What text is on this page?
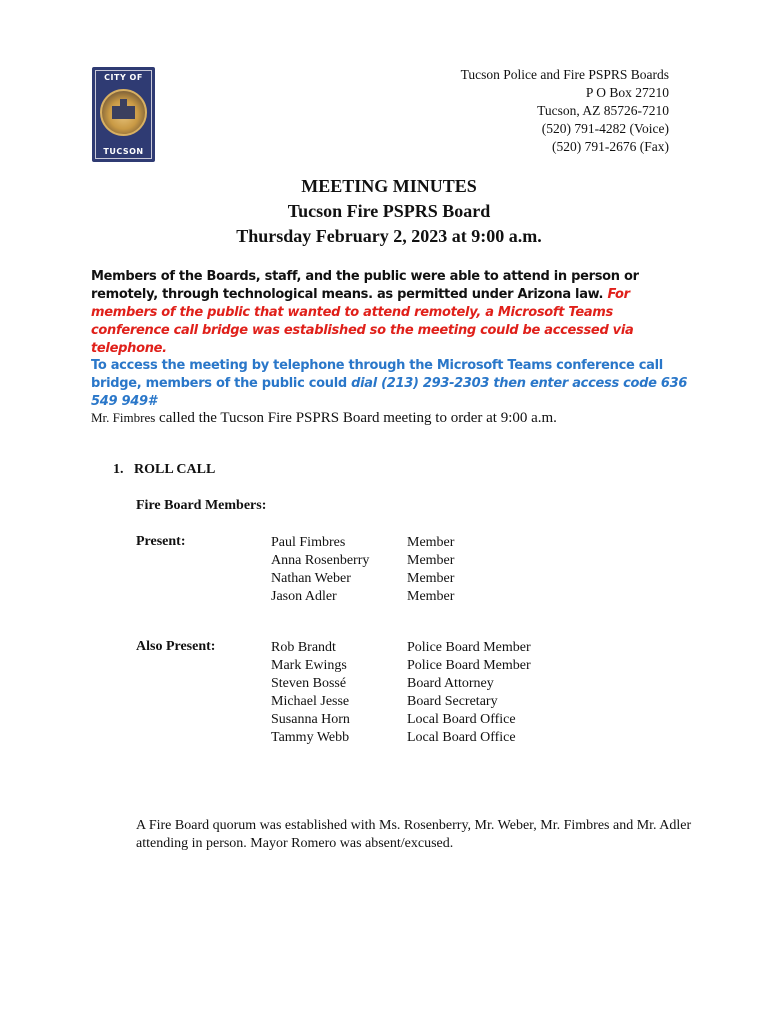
CITY OF
TUCSON
Tucson Police and Fire PSPRS Boards
P O Box 27210
Tucson, AZ 85726-7210
(520) 791-4282 (Voice)
(520) 791-2676 (Fax)
MEETING MINUTES
Tucson Fire PSPRS Board
Thursday February 2, 2023 at 9:00 a.m.
Members of the Boards, staff, and the public were able to attend in person or remotely, through technological means. as permitted under Arizona law. For members of the public that wanted to attend remotely, a Microsoft Teams conference call bridge was established so the meeting could be accessed via telephone.
To access the meeting by telephone through the Microsoft Teams conference call bridge, members of the public could dial (213) 293-2303 then enter access code 636 549 949#
Mr. Fimbres called the Tucson Fire PSPRS Board meeting to order at 9:00 a.m.
1.   ROLL CALL
Fire Board Members:
Present:	Paul Fimbres
Anna Rosenberry
Nathan Weber
Jason Adler
Member
Member
Member
Member
Also Present:	Rob Brandt
Mark Ewings
Steven Bossé
Michael Jesse
Susanna Horn
Tammy Webb
Police Board Member
Police Board Member
Board Attorney
Board Secretary
Local Board Office
Local Board Office
A Fire Board quorum was established with Ms. Rosenberry, Mr. Weber, Mr. Fimbres and Mr. Adler attending in person. Mayor Romero was absent/excused.
